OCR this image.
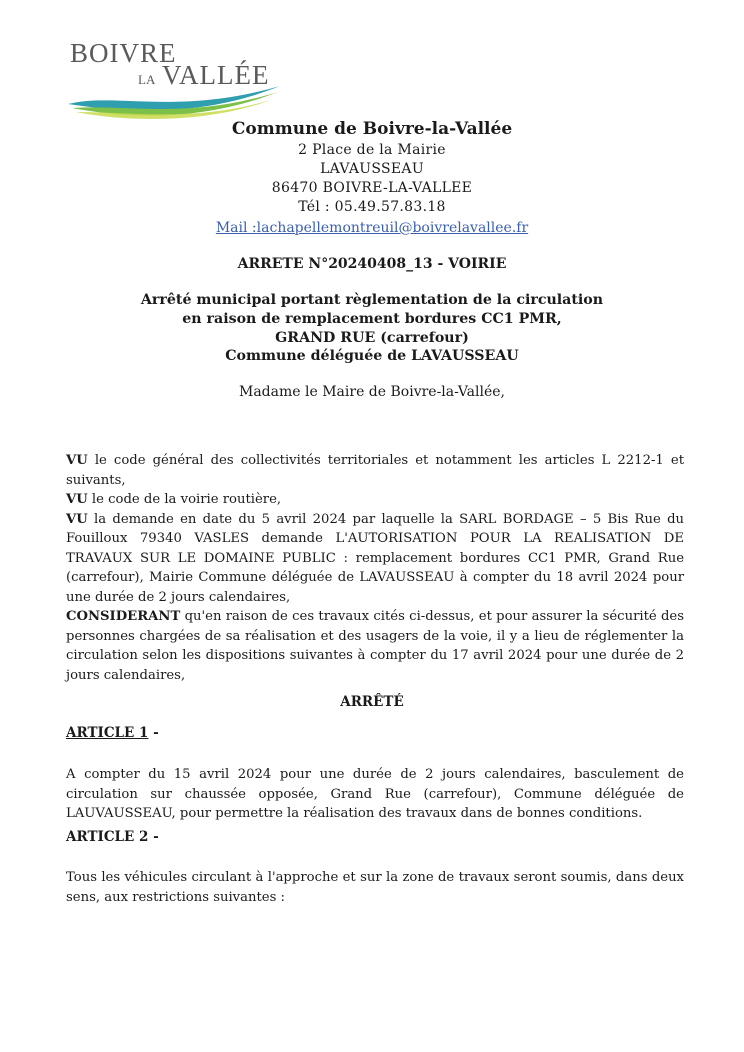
BOIVRE
LA VALLÉE
Commune de Boivre-la-Vallée
2 Place de la Mairie
LAVAUSSEAU
86470 BOIVRE-LA-VALLEE
Tél : 05.49.57.83.18
Mail :lachapellemontreuil@boivrelavallee.fr
ARRETE N°20240408_13 - VOIRIE
Arrêté municipal portant règlementation de la circulation
en raison de remplacement bordures CC1 PMR,
GRAND RUE (carrefour)
Commune déléguée de LAVAUSSEAU
Madame le Maire de Boivre-la-Vallée,
VU le code général des collectivités territoriales et notamment les articles L 2212-1 et suivants,
VU le code de la voirie routière,
VU la demande en date du 5 avril 2024 par laquelle la SARL BORDAGE – 5 Bis Rue du Fouilloux 79340 VASLES demande L'AUTORISATION POUR LA REALISATION DE TRAVAUX SUR LE DOMAINE PUBLIC : remplacement bordures CC1 PMR, Grand Rue (carrefour), Mairie Commune déléguée de LAVAUSSEAU à compter du 18 avril 2024 pour une durée de 2 jours calendaires,
CONSIDERANT qu'en raison de ces travaux cités ci-dessus, et pour assurer la sécurité des personnes chargées de sa réalisation et des usagers de la voie, il y a lieu de réglementer la circulation selon les dispositions suivantes à compter du 17 avril 2024 pour une durée de 2 jours calendaires,
ARRÊTÉ
ARTICLE 1 -
A compter du 15 avril 2024 pour une durée de 2 jours calendaires, basculement de circulation sur chaussée opposée, Grand Rue (carrefour), Commune déléguée de LAUVAUSSEAU, pour permettre la réalisation des travaux dans de bonnes conditions.
ARTICLE 2 -
Tous les véhicules circulant à l'approche et sur la zone de travaux seront soumis, dans deux sens, aux restrictions suivantes :
